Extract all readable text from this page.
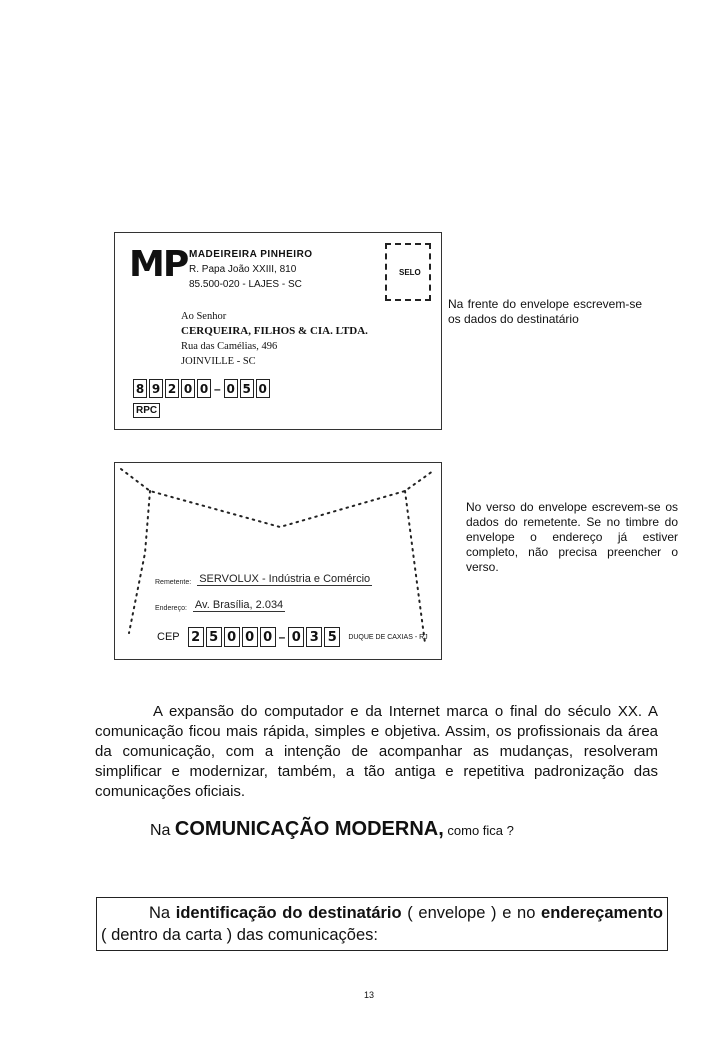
MP MADEIREIRA PINHEIRO
R. Papa João XXIII, 810
85.500-020 - LAJES - SC
SELO
Ao Senhor
CERQUEIRA, FILHOS & CIA. LTDA.
Rua das Camélias, 496
JOINVILLE - SC
8 9 2 0 0 – 0 5 0
RPC
Na frente do envelope escrevem-se os dados do destinatário
Remetente: SERVOLUX - Indústria e Comércio
Endereço: Av. Brasília, 2.034
CEP 2 5 0 0 0 – 0 3 5	DUQUE DE CAXIAS - RJ
No verso do envelope escrevem-se os dados do remetente. Se no timbre do envelope o endereço já estiver completo, não precisa preencher o verso.
A expansão do computador e da Internet marca o final do século XX. A comunicação ficou mais rápida, simples e objetiva. Assim, os profissionais da área da comunicação, com a intenção de acompanhar as mudanças, resolveram simplificar e modernizar, também, a tão antiga e repetitiva padronização das comunicações oficiais.
Na COMUNICAÇÃO MODERNA, como fica ?
Na identificação do destinatário ( envelope ) e no endereçamento ( dentro da carta ) das comunicações:
13
